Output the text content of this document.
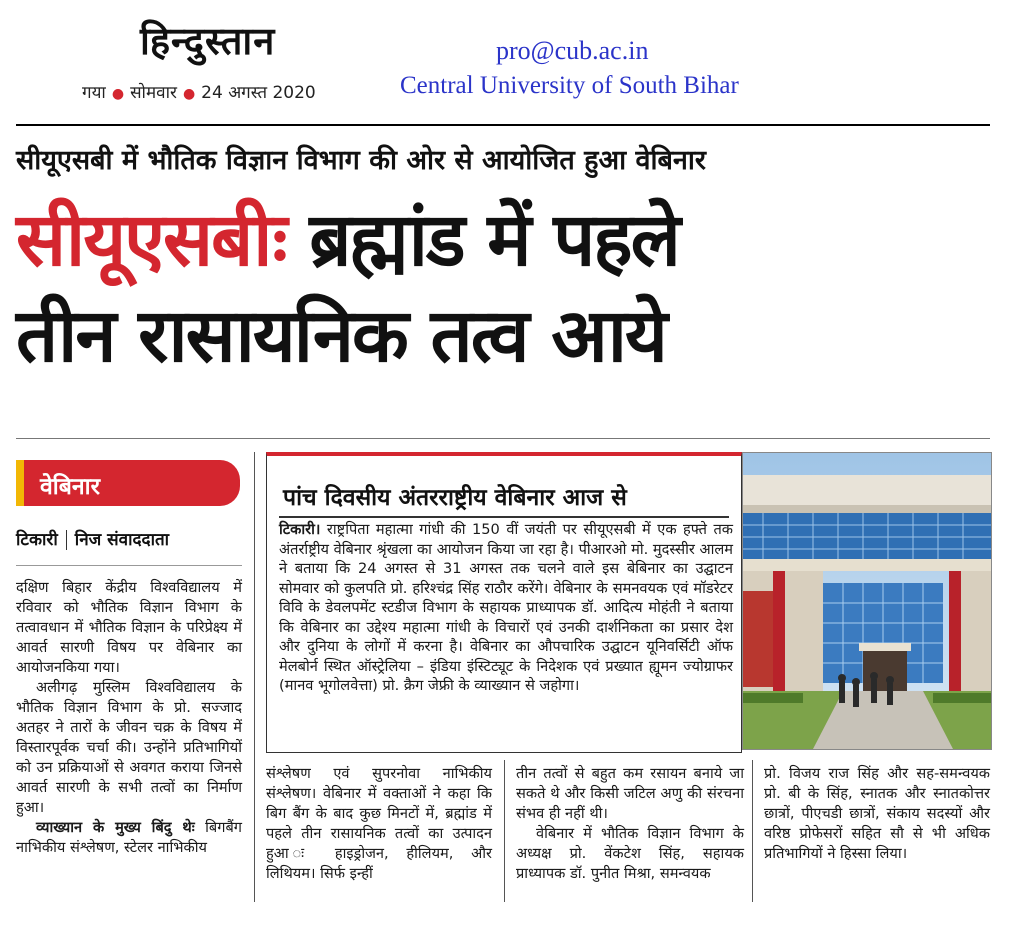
हिन्दुस्तान
गया ● सोमवार ● 24 अगस्त 2020
pro@cub.ac.in
Central University of South Bihar
सीयूएसबी में भौतिक विज्ञान विभाग की ओर से आयोजित हुआ वेबिनार
सीयूएसबीः ब्रह्मांड में पहले
तीन रासायनिक तत्व आये
वेबिनार
टिकारी निज संवाददाता

दक्षिण बिहार केंद्रीय विश्वविद्यालय में रविवार को भौतिक विज्ञान विभाग के तत्वावधान में भौतिक विज्ञान के परिप्रेक्ष्य में आवर्त सारणी विषय पर वेबिनार का आयोजनकिया गया।

अलीगढ़ मुस्लिम विश्वविद्यालय के भौतिक विज्ञान विभाग के प्रो. सज्जाद अतहर ने तारों के जीवन चक्र के विषय में विस्तारपूर्वक चर्चा की। उन्होंने प्रतिभागियों को उन प्रक्रियाओं से अवगत कराया जिनसे आवर्त सारणी के सभी तत्वों का निर्माण हुआ।

व्याख्यान के मुख्य बिंदु थेः बिगबैंग नाभिकीय संश्लेषण, स्टेलर नाभिकीय

पांच दिवसीय अंतरराष्ट्रीय वेबिनार आज से
टिकारी। राष्ट्रपिता महात्मा गांधी की 150 वीं जयंती पर सीयूएसबी में एक हफ्ते तक अंतर्राष्ट्रीय वेबिनार श्रृंखला का आयोजन किया जा रहा है। पीआरओ मो. मुदस्सीर आलम ने बताया कि 24 अगस्त से 31 अगस्त तक चलने वाले इस बेबिनार का उद्घाटन सोमवार को कुलपति प्रो. हरिश्चंद्र सिंह राठौर करेंगे। वेबिनार के समनवयक एवं मॉडरेटर विवि के डेवलपमेंट स्टडीज विभाग के सहायक प्राध्यापक डॉ. आदित्य मोहंती ने बताया कि वेबिनार का उद्देश्य महात्मा गांधी के विचारों एवं उनकी दार्शनिकता का प्रसार देश और दुनिया के लोगों में करना है। वेबिनार का औपचारिक उद्घाटन यूनिवर्सिटी ऑफ मेलबोर्न स्थित ऑस्ट्रेलिया – इंडिया इंस्टिट्यूट के निदेशक एवं प्रख्यात ह्यूमन ज्योग्राफर (मानव भूगोलवेत्ता) प्रो. क्रैग जेफ्री के व्याख्यान से जहोगा।

संश्लेषण एवं सुपरनोवा नाभिकीय संश्लेषण। वेबिनार में वक्ताओं ने कहा कि बिग बैंग के बाद कुछ मिनटों में, ब्रह्मांड में पहले तीन रासायनिक तत्वों का उत्पादन हुआ ः हाइड्रोजन, हीलियम, और लिथियम। सिर्फ इन्हीं

तीन तत्वों से बहुत कम रसायन बनाये जा सकते थे और किसी जटिल अणु की संरचना संभव ही नहीं थी।

वेबिनार में भौतिक विज्ञान विभाग के अध्यक्ष प्रो. वेंकटेश सिंह, सहायक प्राध्यापक डॉ. पुनीत मिश्रा, समन्वयक

प्रो. विजय राज सिंह और सह-समन्वयक प्रो. बी के सिंह, स्नातक और स्नातकोत्तर छात्रों, पीएचडी छात्रों, संकाय सदस्यों और वरिष्ठ प्रोफेसरों सहित सौ से भी अधिक प्रतिभागियों ने हिस्सा लिया।
